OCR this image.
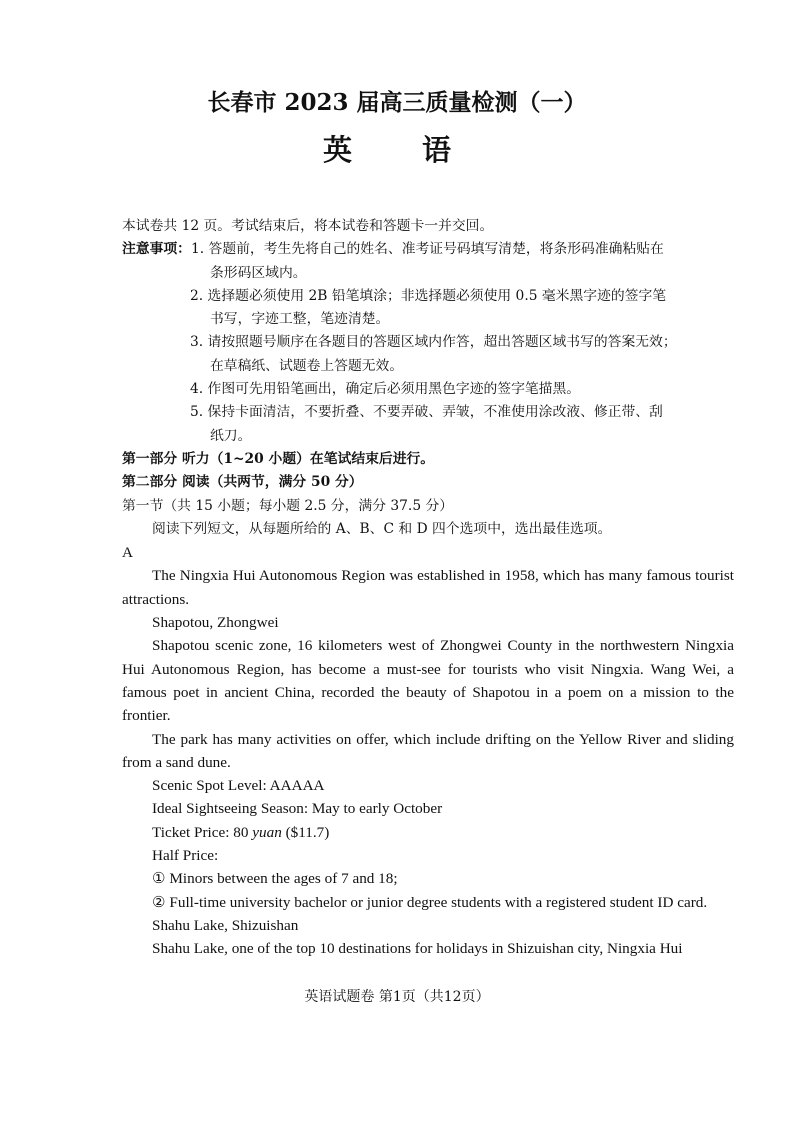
长春市 2023 届高三质量检测（一）
英 语
本试卷共 12 页。考试结束后，将本试卷和答题卡一并交回。
注意事项：1. 答题前，考生先将自己的姓名、准考证号码填写清楚，将条形码准确粘贴在
条形码区域内。
2. 选择题必须使用 2B 铅笔填涂；非选择题必须使用 0.5 毫米黑字迹的签字笔
书写，字迹工整，笔迹清楚。
3. 请按照题号顺序在各题目的答题区域内作答，超出答题区域书写的答案无效；
在草稿纸、试题卷上答题无效。
4. 作图可先用铅笔画出，确定后必须用黑色字迹的签字笔描黑。
5. 保持卡面清洁，不要折叠、不要弄破、弄皱，不准使用涂改液、修正带、刮
纸刀。
第一部分 听力（1~20 小题）在笔试结束后进行。
第二部分 阅读（共两节，满分 50 分）
第一节（共 15 小题；每小题 2.5 分，满分 37.5 分）
阅读下列短文，从每题所给的 A、B、C 和 D 四个选项中，选出最佳选项。
A
The Ningxia Hui Autonomous Region was established in 1958, which has many famous tourist attractions.
Shapotou, Zhongwei
Shapotou scenic zone, 16 kilometers west of Zhongwei County in the northwestern Ningxia Hui Autonomous Region, has become a must-see for tourists who visit Ningxia. Wang Wei, a famous poet in ancient China, recorded the beauty of Shapotou in a poem on a mission to the frontier.
The park has many activities on offer, which include drifting on the Yellow River and sliding from a sand dune.
Scenic Spot Level: AAAAA
Ideal Sightseeing Season: May to early October
Ticket Price: 80 yuan ($11.7)
Half Price:
① Minors between the ages of 7 and 18;
② Full-time university bachelor or junior degree students with a registered student ID card.
Shahu Lake, Shizuishan
Shahu Lake, one of the top 10 destinations for holidays in Shizuishan city, Ningxia Hui
英语试题卷 第1页（共12页）
